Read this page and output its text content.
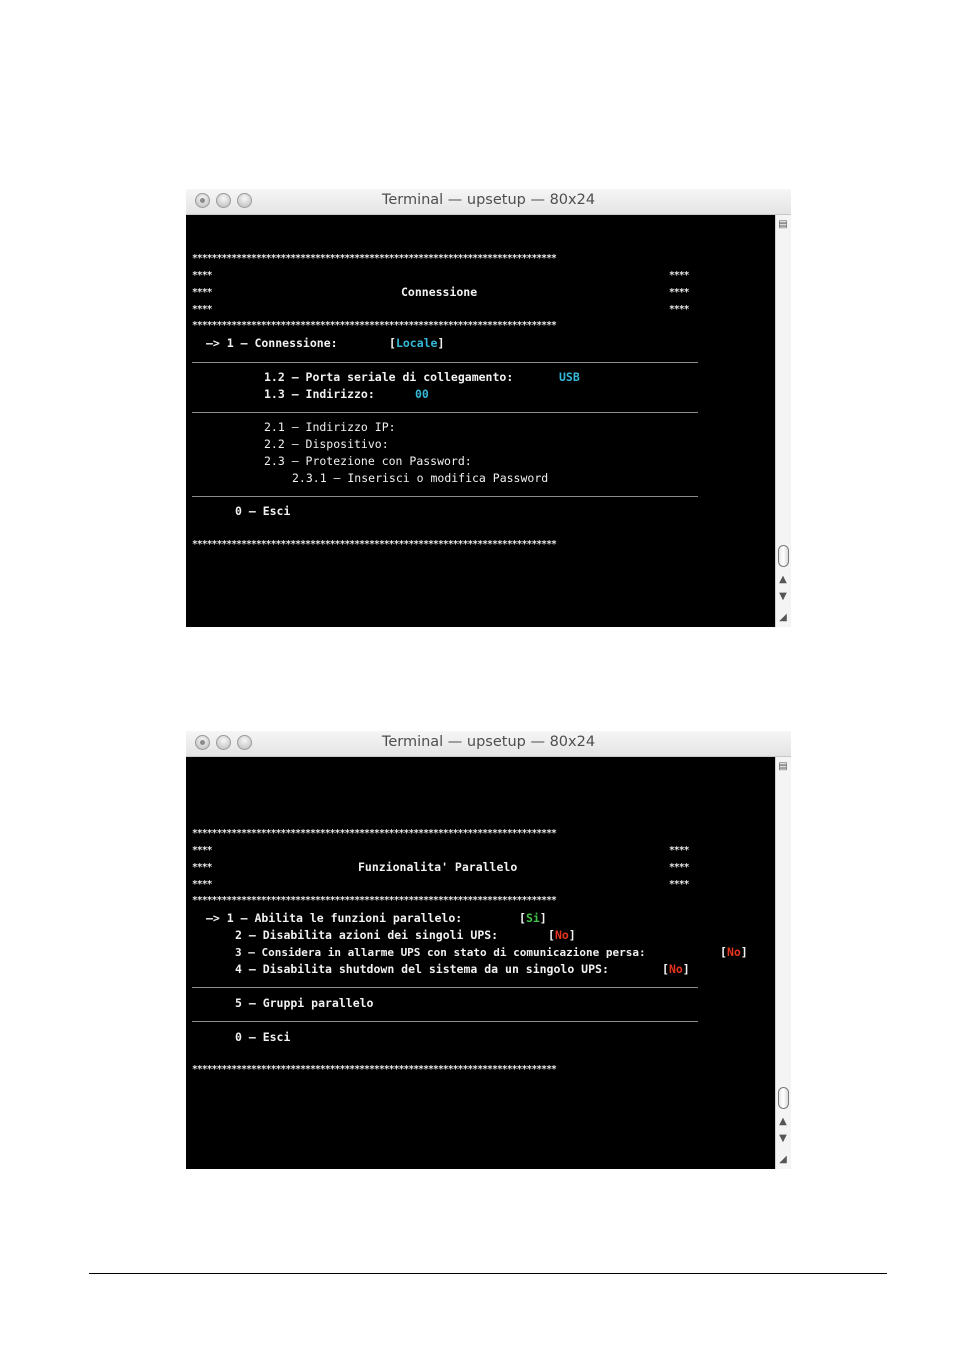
Terminal — upsetup — 80x24
**************************************************************************
****	****
****	****
Connessione
****	****
**************************************************************************
—> 1 – Connessione:	[Locale]
1.2 – Porta seriale di collegamento:	USB
1.3 – Indirizzo:	00
2.1 – Indirizzo IP:
2.2 – Dispositivo:
2.3 – Protezione con Password:
2.3.1 – Inserisci o modifica Password
0 – Esci
**************************************************************************
▤
▲
▼
◢
Terminal — upsetup — 80x24
**************************************************************************
****	****
****	****
Funzionalita' Parallelo
****	****
**************************************************************************
—> 1 – Abilita le funzioni parallelo:	[Si]
2 – Disabilita azioni dei singoli UPS:	[No]
3 – Considera in allarme UPS con stato di comunicazione persa:	[No]
4 – Disabilita shutdown del sistema da un singolo UPS:	[No]
5 – Gruppi parallelo
0 – Esci
**************************************************************************
▤
▲
▼
◢
